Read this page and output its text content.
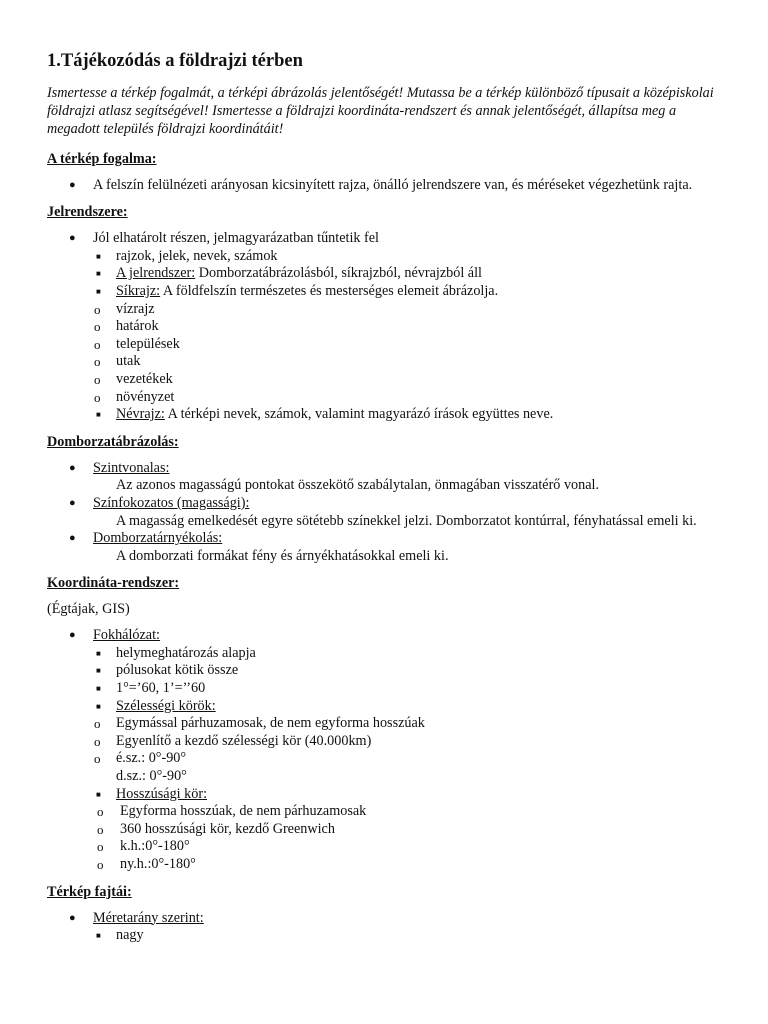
1.Tájékozódás a földrajzi térben

Ismertesse a térkép fogalmát, a térképi ábrázolás jelentőségét! Mutassa be a térkép különböző típusait a középiskolai földrajzi atlasz segítségével! Ismertesse a földrajzi koordináta-rendszert és annak jelentőségét, állapítsa meg a megadott település földrajzi koordinátáit!

A térkép fogalma:

● A felszín felülnézeti arányosan kicsinyített rajza, önálló jelrendszere van, és méréseket végezhetünk rajta.

Jelrendszere:

● Jól elhatárolt részen, jelmagyarázatban tűntetik fel
■ rajzok, jelek, nevek, számok
■ A jelrendszer: Domborzatábrázolásból, síkrajzból, névrajzból áll
■ Síkrajz: A földfelszín természetes és mesterséges elemeit ábrázolja.
o vízrajz
o határok
o települések
o utak
o vezetékek
o növényzet
■ Névrajz: A térképi nevek, számok, valamint magyarázó írások együttes neve.

Domborzatábrázolás:

● Szintvonalas:
Az azonos magasságú pontokat összekötő szabálytalan, önmagában visszatérő vonal.
● Színfokozatos (magassági):
A magasság emelkedését egyre sötétebb színekkel jelzi. Domborzatot kontúrral, fényhatással emeli ki.
● Domborzatárnyékolás:
A domborzati formákat fény és árnyékhatásokkal emeli ki.

Koordináta-rendszer:

(Égtájak, GIS)

● Fokhálózat:
■ helymeghatározás alapja
■ pólusokat kötik össze
■ 1°=’60, 1’=’’60
■ Szélességi körök:
o Egymással párhuzamosak, de nem egyforma hosszúak
o Egyenlítő a kezdő szélességi kör (40.000km)
o é.sz.: 0°-90°
d.sz.: 0°-90°
■ Hosszúsági kör:
o Egyforma hosszúak, de nem párhuzamosak
o 360 hosszúsági kör, kezdő Greenwich
o k.h.:0°-180°
o ny.h.:0°-180°

Térkép fajtái:

● Méretarány szerint:
■ nagy
